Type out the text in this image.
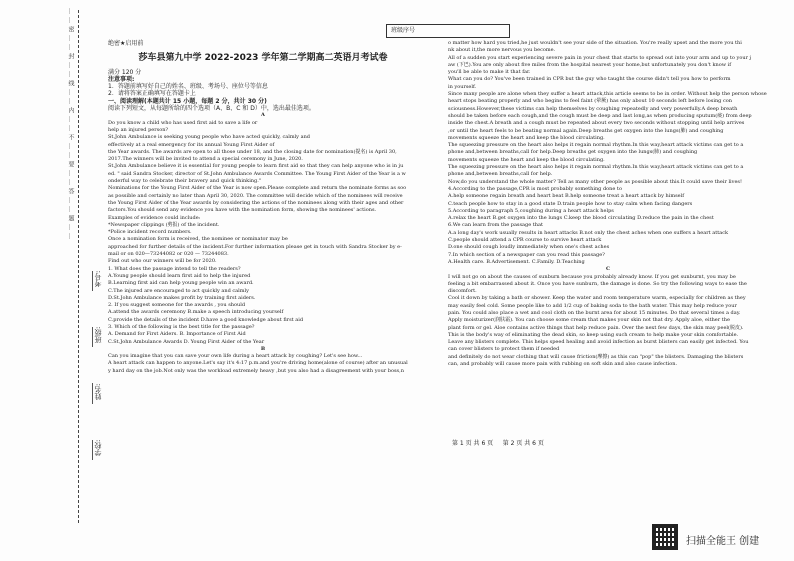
……密……封……线……内……不……要……答……题……
学校:
姓名:
班级:
考号:
班级序号

绝密★启用前

莎车县第九中学 2022-2023 学年第二学期高二英语月考试卷

满分 120 分

注意事项:

1．答题前填写好自己的姓名、班级、考场号、座位号等信息

2．请将答案正确填写在答题卡上

一、阅读理解(本题共计 15 小题，每题 2 分，共计 30 分)

阅读下列短文，从每题所给的四个选项（A、B、C 和 D）中，选出最佳选项。

A

Do you know a child who has used first aid to save a life or

help an injured person?

St.John Ambulance is seeking young people who have acted quickly, calmly and

effectively at a real emergency for its annual Young First Aider of

the Year awards. The awards are open to all those under 18, and the closing date for nomination(提名) is April 30,

2017.The winners will be invited to attend a special ceremony in June, 2020.

St.John Ambulance believe it is essential for young people to learn first aid so that they can help anyone who is in ju

ed. " said Sandra Stocker, director of St.John Ambulance Awards Committee. The Young First Aider of the Year is a w

onderful way to celebrate their bravery and quick thinking."

Nominations for the Young First Aider of the Year is now open.Please complete and return the nominate forms as soo

as possible and certainly no later than April 30, 2020. The committee will decide which of the nominees will receive

the Young First Aider of the Year awards by considering the actions of the nominees along with their ages and other

factors.You should send any evidence you have with the nomination form, showing the nominees' actions.

Examples of evidence could include:

*Newspaper clippings (剪报) of the incident.

*Police incident record numbers.

Once a nomination form is received, the nominee or nominator may be

approached for further details of the incident.For further information please get in touch with Sandra Stocker by e-

mail or on 020—73244082 or 020 — 73244083.

Find out who our winners will be for 2020.

1. What does the passage intend to tell the readers?

A.Young people should learn first aid to help the injured

B.Learning first aid can help young people win an award.

C.The injured are encouraged to act quickly and calmly

D.St.John Ambulance makes profit by training first aiders.

2. If you suggest someone for the awards , you should

A.attend the awards ceremony B.make a speech introducing yourself

C.provide the details of the incident D.have a good knowledge about first aid

3. Which of the following is the best title for the passage?

A. Demand for First Aiders. B. Importance of First Aid

C.St.John Ambulance Awards D. Young First Aider of the Year

B

Can you imagine that you can save your own life during a heart attack by coughing? Let's see how...

A heart attack can happen to anyone.Let's say it's 4:17 p.m.and you're driving home(alone of course) after an unusual

y hard day on the job.Not only was the workload extremely heavy ,but you also had a disagreement with your boss,n

o matter how hard you tried,he just wouldn't see your side of the situation. You're really upset and the more you thi

nk about it,the more nervous you become.

All of a sudden you start experiencing severe pain in your chest that starts to spread out into your arm and up to your j

aw (下巴).You are only about five miles from the hospital nearest your home,but unfortunately you don't know if

you'll be able to make it that far.

What can you do? You've been trained in CPR but the guy who taught the course didn't tell you how to perform

in yourself.

Since many people are alone when they suffer a heart attack,this article seems to be in order. Without help the person whose

heart stops beating properly and who begins to feel faint (晕厥) has only about 10 seconds left before losing con

sciousness.However,these victims can help themselves by coughing repeatedly and very powerfully.A deep breath

should be taken before each cough,and the cough must be deep and last long,as when producing sputum(痰) from deep

inside the chest.A breath and a cough must be repeated about every two seconds without stopping until help arrives

,or until the heart feels to be beating normal again.Deep breaths get oxygen into the lungs(肺) and coughing

movements squeeze the heart and keep the blood circulating.

The squeezing pressure on the heart also helps it regain normal rhythm.In this way,heart attack victims can get to a

phone and,between breaths,call for help.Deep breaths get oxygen into the lungs(肺) and coughing

movements squeeze the heart and keep the blood circulating.

The squeezing pressure on the heart also helps it regain normal rhythm.In this way,heart attack victims can get to a

phone and,between breaths,call for help.

Now,do you understand the whole matter? Tell as many other people as possible about this.It could save their lives!

4.According to the passage,CPR is most probably something done to

A.help someone regain breath and heart beat B.help someone treat a heart attack by himself

C.teach people how to stay in a good state D.train people how to stay calm when facing dangers

5.According to paragraph 5,coughing during a heart attack helps

A.relax the heart B.get oxygen into the lungs C.keep the blood circulating D.reduce the pain in the chest

6.We can learn from the passage that

A.a long day's work usually results in heart attacks B.not only the chest aches when one suffers a heart attack

C.people should attend a CPR course to survive heart attack

D.one should cough loudly immediately when one's chest aches

7.In which section of a newspaper can you read this passage?

A.Health care. B.Advertisement. C.Family. D.Teaching

C

I will not go on about the causes of sunburn because you probably already know. If you get sunburnt, you may be

feeling a bit embarrassed about it. Once you have sunburn, the damage is done. So try the following ways to ease the

discomfort.

Cool it down by taking a bath or shower. Keep the water and room temperature warm, especially for children as they

may easily feel cold. Some people like to add 1/2 cup of baking soda to the bath water. This may help reduce your

pain. You could also place a wet and cool cloth on the burnt area for about 15 minutes. Do that several times a day.

Apply moisturizer(润肤霜). You can choose some cream that makes your skin not that dry. Apply aloe, either the

plant form or gel. Aloe contains active things that help reduce pain. Over the next few days, the skin may peel(脱皮).

This is the body's way of eliminating the dead skin, so keep using such cream to help make your skin comfortable.

Leave any blisters complete. This helps speed healing and avoid infection as burst blisters can easily get infected. You

can cover blisters to protect them if needed

and definitely do not wear clothing that will cause friction(摩擦) as this can "pop" the blisters. Damaging the blisters

can, and probably will cause more pain with rubbing on soft skin and also cause infection.

第 1 页 共 6 页 第 2 页 共 6 页
扫描全能王 创建
